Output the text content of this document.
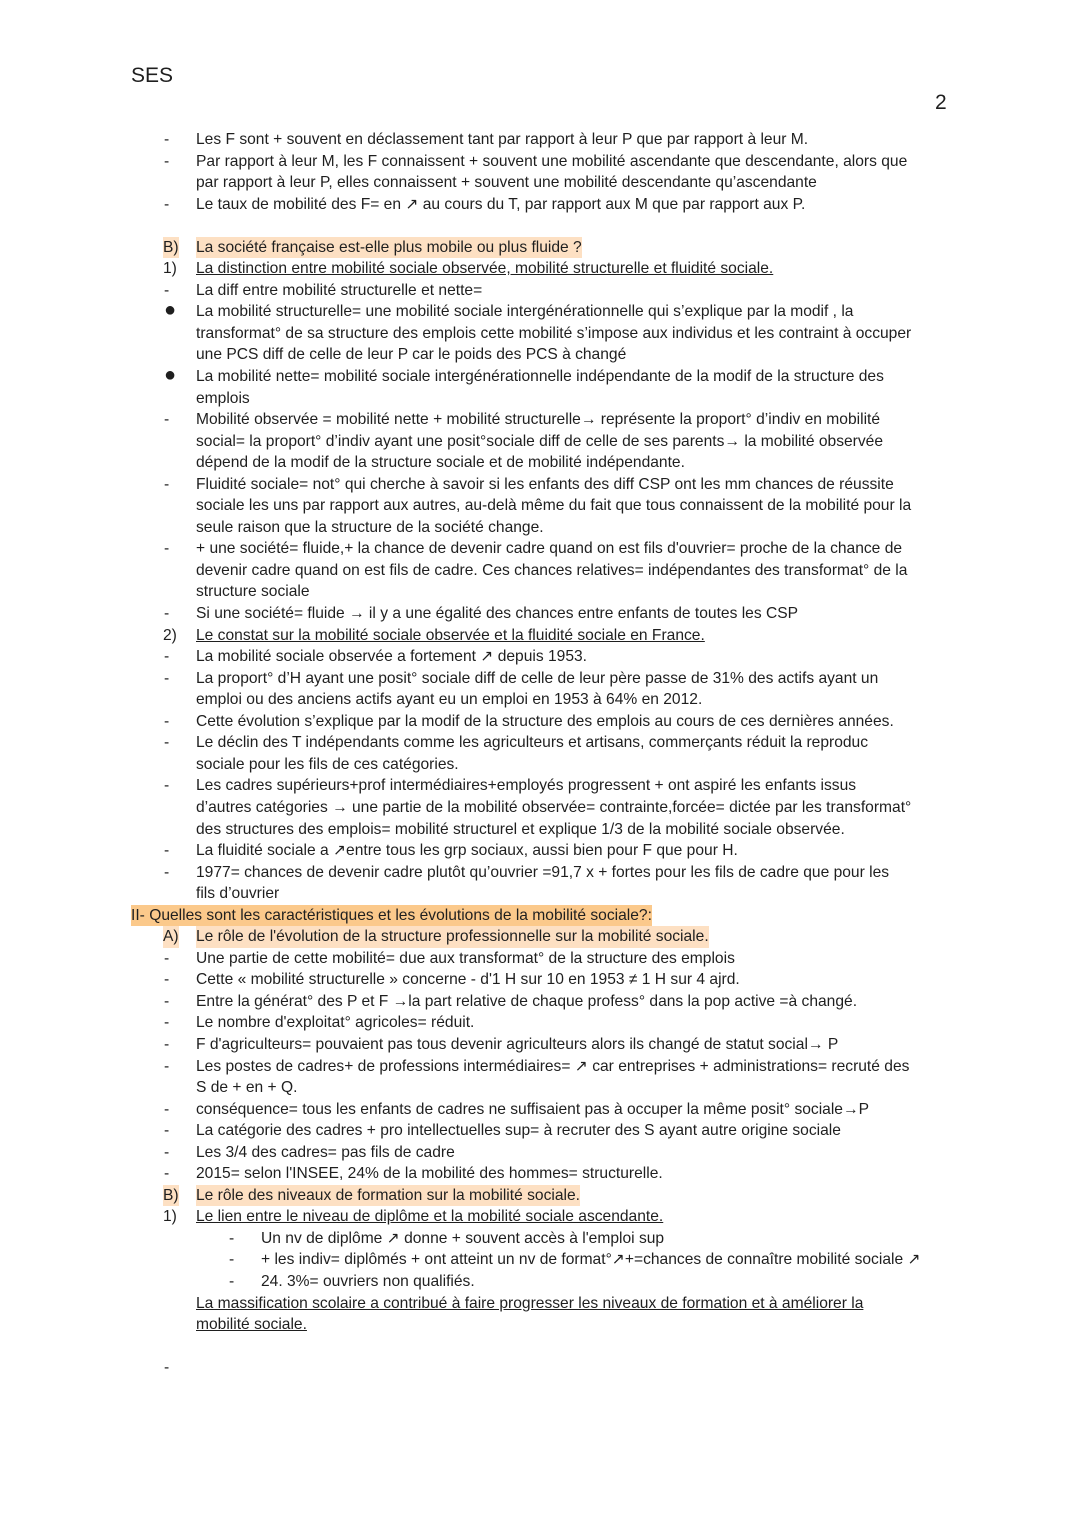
SES
2
- Les F sont + souvent en déclassement tant par rapport à leur P que par rapport à leur M.
- Par rapport à leur M, les F connaissent + souvent une mobilité ascendante que descendante, alors que
par rapport à leur P, elles connaissent + souvent une mobilité descendante qu’ascendante
- Le taux de mobilité des F= en ↗ au cours du T, par rapport aux M que par rapport aux P.
B) La société française est-elle plus mobile ou plus fluide ?
1) La distinction entre mobilité sociale observée, mobilité structurelle et fluidité sociale.
- La diff entre mobilité structurelle et nette=
● La mobilité structurelle= une mobilité sociale intergénérationnelle qui s’explique par la modif , la
transformat° de sa structure des emplois cette mobilité s’impose aux individus et les contraint à occuper
une PCS diff de celle de leur P car le poids des PCS à changé
● La mobilité nette= mobilité sociale intergénérationnelle indépendante de la modif de la structure des
emplois
- Mobilité observée = mobilité nette + mobilité structurelle→ représente la proport° d’indiv en mobilité
social= la proport° d’indiv ayant une posit°sociale diff de celle de ses parents→ la mobilité observée
dépend de la modif de la structure sociale et de mobilité indépendante.
- Fluidité sociale= not° qui cherche à savoir si les enfants des diff CSP ont les mm chances de réussite
sociale les uns par rapport aux autres, au-delà même du fait que tous connaissent de la mobilité pour la
seule raison que la structure de la société change.
- + une société= fluide,+ la chance de devenir cadre quand on est fils d'ouvrier= proche de la chance de
devenir cadre quand on est fils de cadre. Ces chances relatives= indépendantes des transformat° de la
structure sociale
- Si une société= fluide → il y a une égalité des chances entre enfants de toutes les CSP
2) Le constat sur la mobilité sociale observée et la fluidité sociale en France.
- La mobilité sociale observée a fortement ↗ depuis 1953.
- La proport° d’H ayant une posit° sociale diff de celle de leur père passe de 31% des actifs ayant un
emploi ou des anciens actifs ayant eu un emploi en 1953 à 64% en 2012.
- Cette évolution s’explique par la modif de la structure des emplois au cours de ces dernières années.
- Le déclin des T indépendants comme les agriculteurs et artisans, commerçants réduit la reproduc
sociale pour les fils de ces catégories.
- Les cadres supérieurs+prof intermédiaires+employés progressent + ont aspiré les enfants issus
d’autres catégories → une partie de la mobilité observée= contrainte,forcée= dictée par les transformat°
des structures des emplois= mobilité structurel et explique 1/3 de la mobilité sociale observée.
- La fluidité sociale a ↗entre tous les grp sociaux, aussi bien pour F que pour H.
- 1977= chances de devenir cadre plutôt qu’ouvrier =91,7 x + fortes pour les fils de cadre que pour les
fils d’ouvrier
II- Quelles sont les caractéristiques et les évolutions de la mobilité sociale?:
A) Le rôle de l'évolution de la structure professionnelle sur la mobilité sociale.
- Une partie de cette mobilité= due aux transformat° de la structure des emplois
- Cette « mobilité structurelle » concerne - d'1 H sur 10 en 1953 ≠ 1 H sur 4 ajrd.
- Entre la générat° des P et F →la part relative de chaque profess° dans la pop active =à changé.
- Le nombre d'exploitat° agricoles= réduit.
- F d'agriculteurs= pouvaient pas tous devenir agriculteurs alors ils changé de statut social→ P
- Les postes de cadres+ de professions intermédiaires= ↗ car entreprises + administrations= recruté des
S de + en + Q.
- conséquence= tous les enfants de cadres ne suffisaient pas à occuper la même posit° sociale→P
- La catégorie des cadres + pro intellectuelles sup= à recruter des S ayant autre origine sociale
- Les 3/4 des cadres= pas fils de cadre
- 2015= selon l'INSEE, 24% de la mobilité des hommes= structurelle.
B) Le rôle des niveaux de formation sur la mobilité sociale.
1) Le lien entre le niveau de diplôme et la mobilité sociale ascendante.
- Un nv de diplôme ↗ donne + souvent accès à l'emploi sup
- + les indiv= diplômés + ont atteint un nv de format°↗+=chances de connaître mobilité sociale ↗
- 24. 3%= ouvriers non qualifiés.
La massification scolaire a contribué à faire progresser les niveaux de formation et à améliorer la
mobilité sociale.
-
